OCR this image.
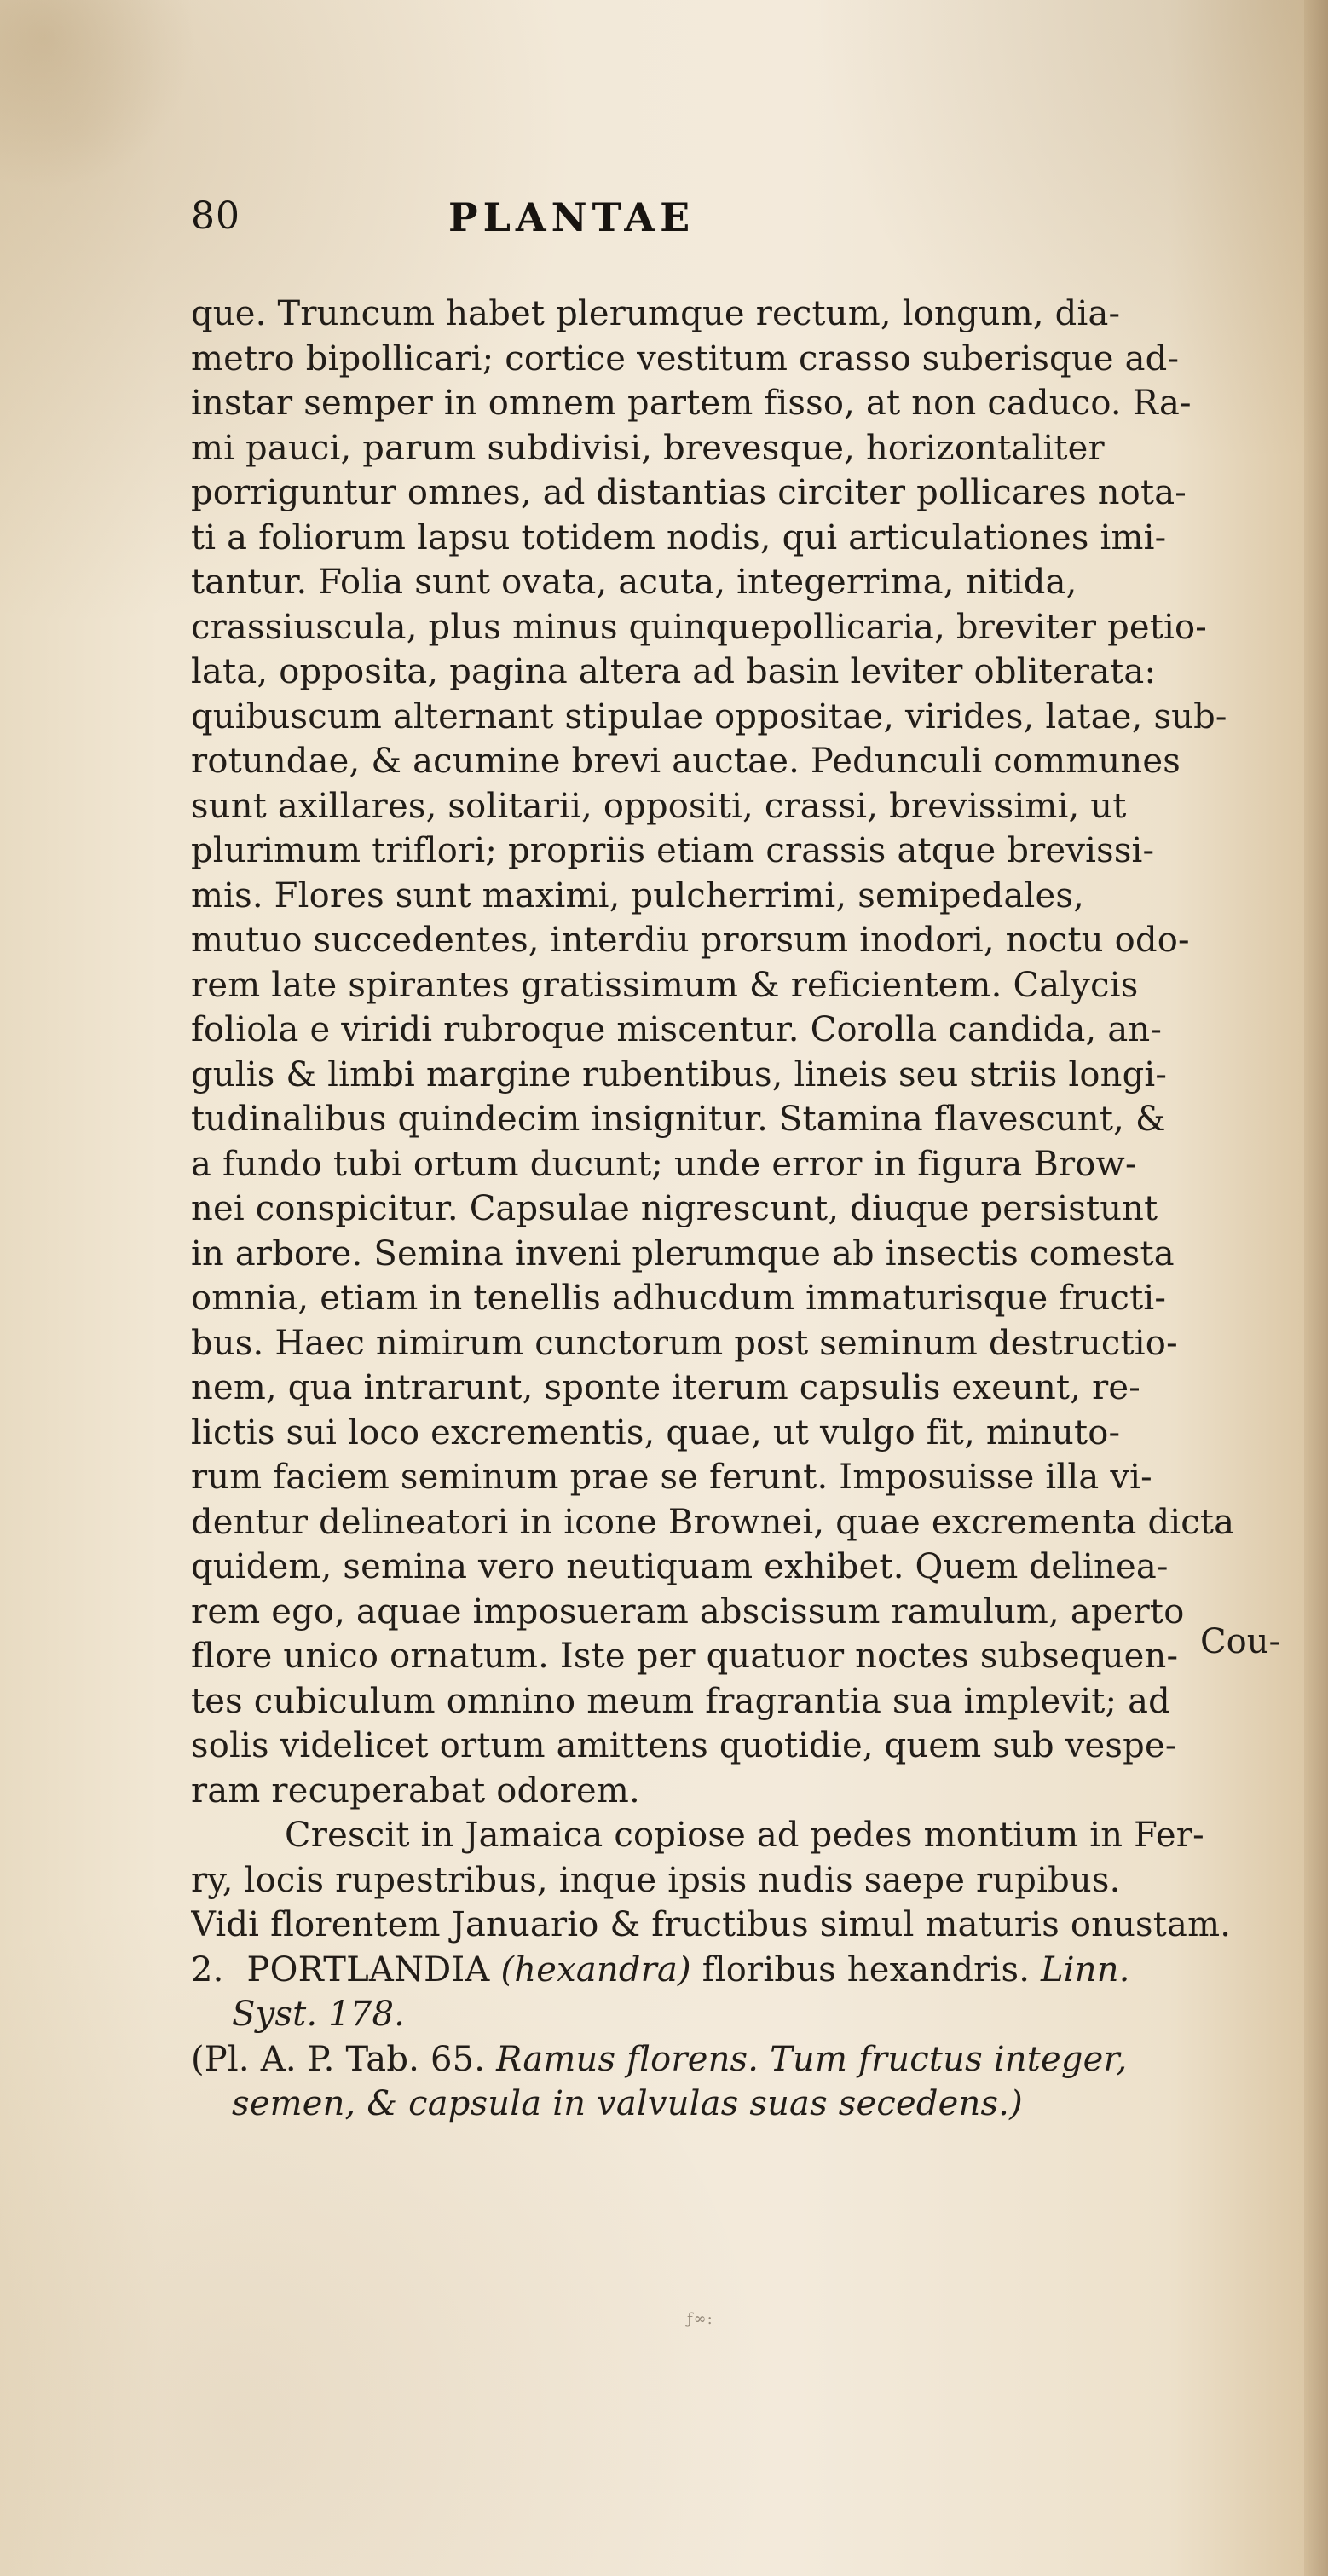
80	PLANTAE
que. Truncum habet plerumque rectum, longum, dia-
metro bipollicari; cortice vestitum crasso suberisque ad-
instar semper in omnem partem fisso, at non caduco. Ra-
mi pauci, parum subdivisi, brevesque, horizontaliter
porriguntur omnes, ad distantias circiter pollicares nota-
ti a foliorum lapsu totidem nodis, qui articulationes imi-
tantur. Folia sunt ovata, acuta, integerrima, nitida,
crassiuscula, plus minus quinquepollicaria, breviter petio-
lata, opposita, pagina altera ad basin leviter obliterata:
quibuscum alternant stipulae oppositae, virides, latae, sub-
rotundae, & acumine brevi auctae. Pedunculi communes
sunt axillares, solitarii, oppositi, crassi, brevissimi, ut
plurimum triflori; propriis etiam crassis atque brevissi-
mis. Flores sunt maximi, pulcherrimi, semipedales,
mutuo succedentes, interdiu prorsum inodori, noctu odo-
rem late spirantes gratissimum & reficientem. Calycis
foliola e viridi rubroque miscentur. Corolla candida, an-
gulis & limbi margine rubentibus, lineis seu striis longi-
tudinalibus quindecim insignitur. Stamina flavescunt, &
a fundo tubi ortum ducunt; unde error in figura Brow-
nei conspicitur. Capsulae nigrescunt, diuque persistunt
in arbore. Semina inveni plerumque ab insectis comesta
omnia, etiam in tenellis adhucdum immaturisque fructi-
bus. Haec nimirum cunctorum post seminum destructio-
nem, qua intrarunt, sponte iterum capsulis exeunt, re-
lictis sui loco excrementis, quae, ut vulgo fit, minuto-
rum faciem seminum prae se ferunt. Imposuisse illa vi-
dentur delineatori in icone Brownei, quae excrementa dicta
quidem, semina vero neutiquam exhibet. Quem delinea-
rem ego, aquae imposueram abscissum ramulum, aperto
flore unico ornatum. Iste per quatuor noctes subsequen-
tes cubiculum omnino meum fragrantia sua implevit; ad
solis videlicet ortum amittens quotidie, quem sub vespe-
ram recuperabat odorem.
Crescit in Jamaica copiose ad pedes montium in Fer-
ry, locis rupestribus, inque ipsis nudis saepe rupibus.
Vidi florentem Januario & fructibus simul maturis onustam.
2. PORTLANDIA (hexandra) floribus hexandris. Linn.
Syst. 178.
(Pl. A. P. Tab. 65. Ramus florens. Tum fructus integer,
semen, & capsula in valvulas suas secedens.)
Cou-
ƒ∞:
